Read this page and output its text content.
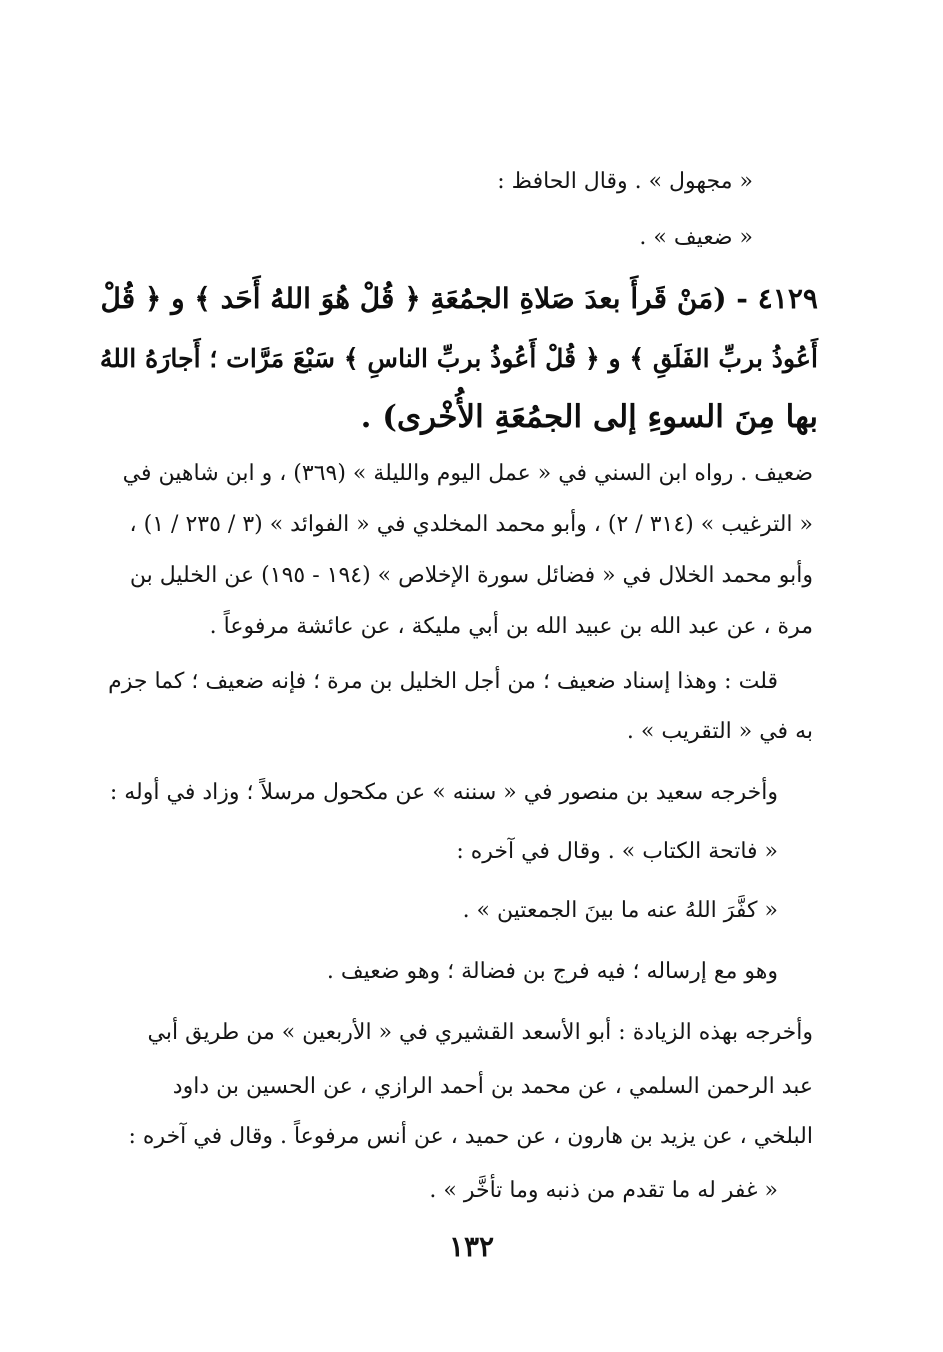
« مجهول » . وقال الحافظ :
« ضعيف » .
٤١٢٩ - (مَنْ قَرأَ بعدَ صَلاةِ الجمُعَةِ ﴿ قُلْ هُوَ اللهُ أَحَد ﴾ و ﴿ قُلْ
أَعُوذُ بربِّ الفَلَقِ ﴾ و ﴿ قُلْ أَعُوذُ بربِّ الناسِ ﴾ سَبْعَ مَرَّات ؛ أَجارَهُ اللهُ
بها مِنَ السوءِ إلى الجمُعَةِ الأُخْرى) .
ضعيف . رواه ابن السني في « عمل اليوم والليلة » (٣٦٩) ، و ابن شاهين في
« الترغيب » (٣١٤ / ٢) ، وأبو محمد المخلدي في « الفوائد » (٣ / ٢٣٥ / ١) ،
وأبو محمد الخلال في « فضائل سورة الإخلاص » (١٩٤ - ١٩٥) عن الخليل بن
مرة ، عن عبد الله بن عبيد الله بن أبي مليكة ، عن عائشة مرفوعاً .
قلت : وهذا إسناد ضعيف ؛ من أجل الخليل بن مرة ؛ فإنه ضعيف ؛ كما جزم
به في « التقريب » .
وأخرجه سعيد بن منصور في « سننه » عن مكحول مرسلاً ؛ وزاد في أوله :
« فاتحة الكتاب » . وقال في آخره :
« كفَّرَ اللهُ عنه ما بينَ الجمعتين » .
وهو مع إرساله ؛ فيه فرج بن فضالة ؛ وهو ضعيف .
وأخرجه بهذه الزيادة : أبو الأسعد القشيري في « الأربعين » من طريق أبي
عبد الرحمن السلمي ، عن محمد بن أحمد الرازي ، عن الحسين بن داود
البلخي ، عن يزيد بن هارون ، عن حميد ، عن أنس مرفوعاً . وقال في آخره :
« غفر له ما تقدم من ذنبه وما تأخَّر » .
١٣٢
